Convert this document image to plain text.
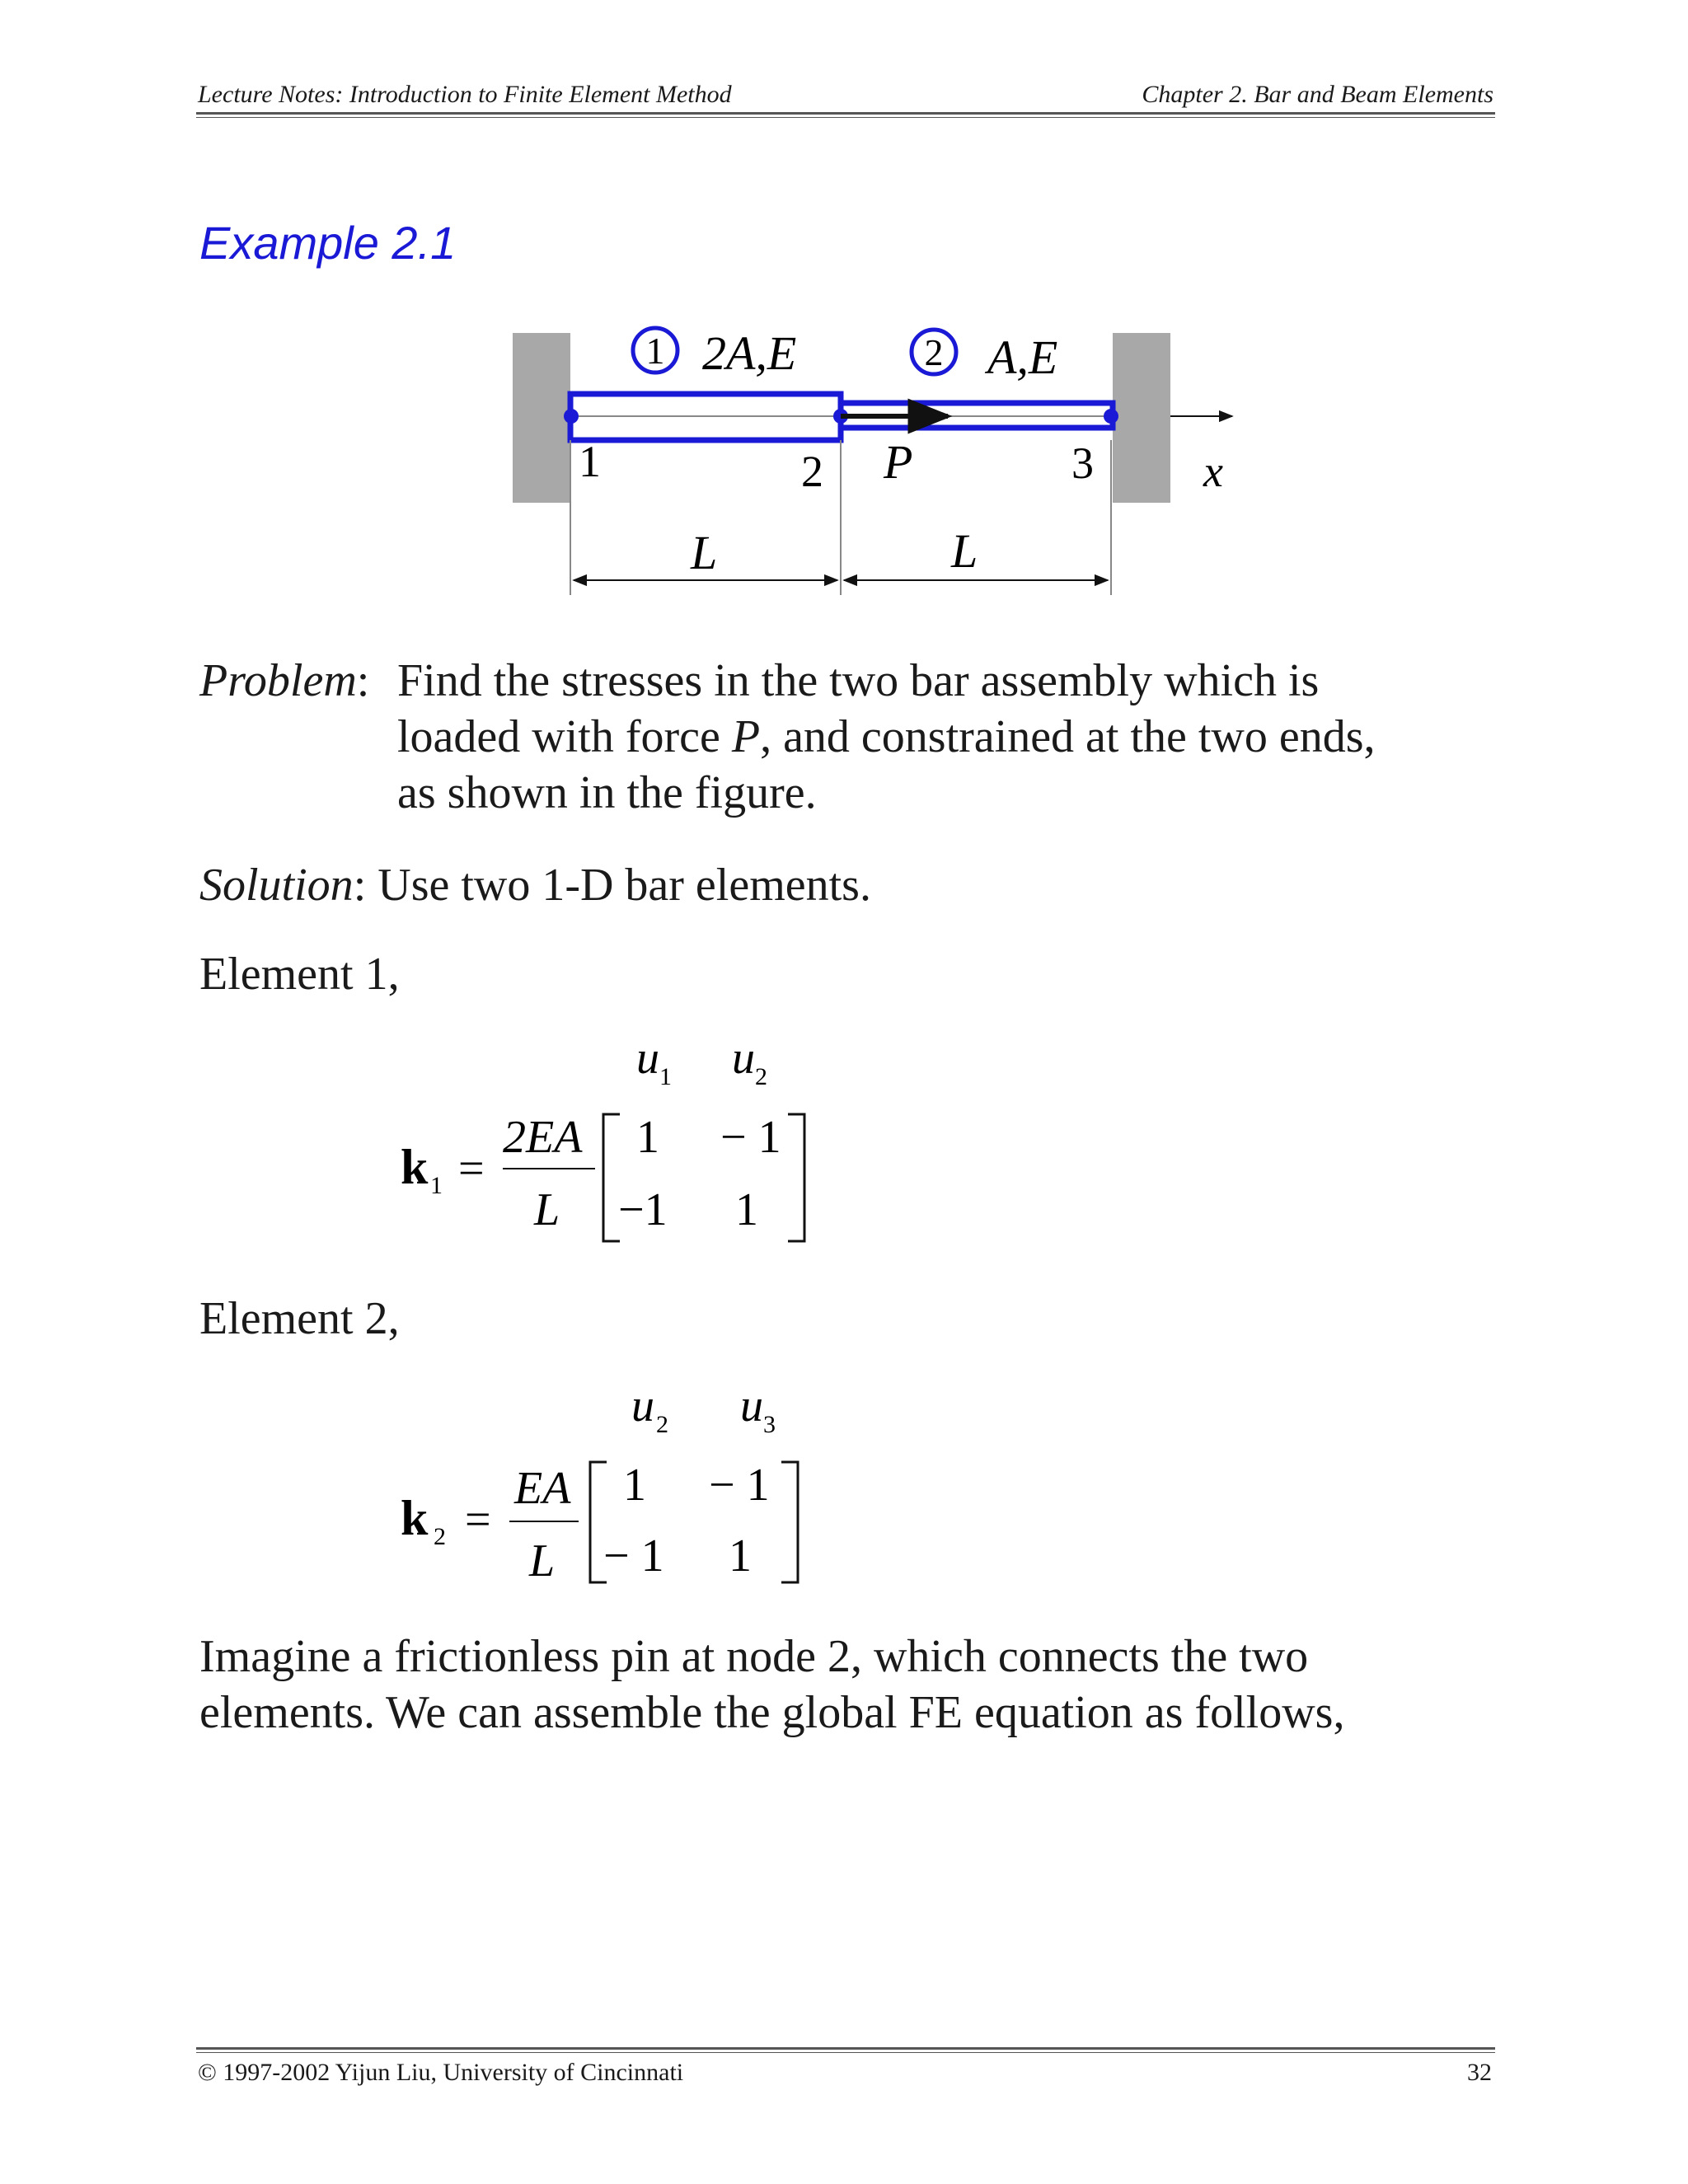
Lecture Notes: Introduction to Finite Element Method	Chapter 2. Bar and Beam Elements
Example 2.1
1 2A,E	2 A,E
1	2	3
P	x
L	L
Problem: Find the stresses in the two bar assembly which is
loaded with force P, and constrained at the two ends,
as shown in the figure.
Solution: Use two 1-D bar elements.
Element 1,
u 1 u 2
k 1 =
2EA
L
1 − 1
−1 1
Element 2,
u 2 u 3
k 2 =
EA
L
1 − 1
− 1 1
Imagine a frictionless pin at node 2, which connects the two
elements. We can assemble the global FE equation as follows,
© 1997-2002 Yijun Liu, University of Cincinnati	32
